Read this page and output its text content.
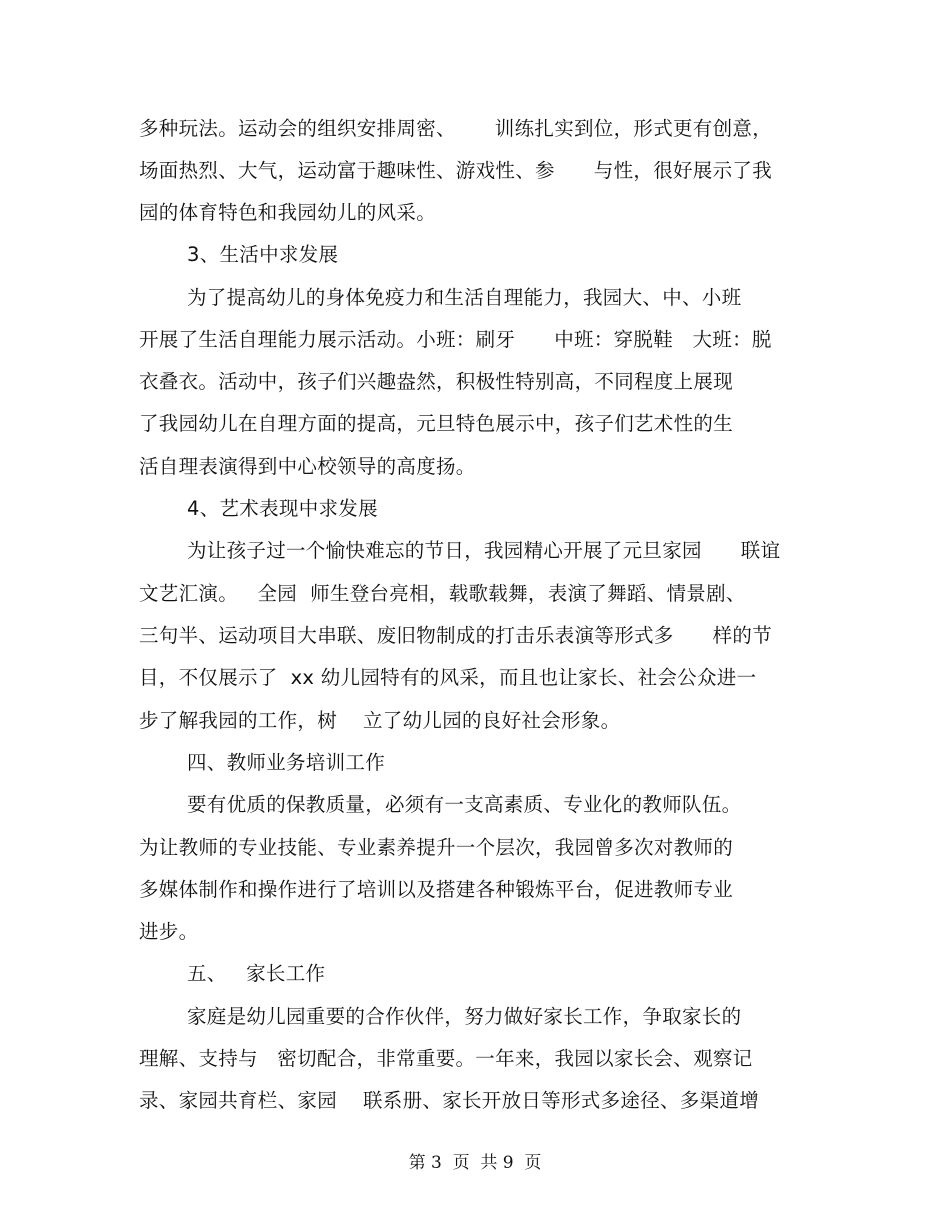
多种玩法。运动会的组织安排周密、      训练扎实到位，形式更有创意，
场面热烈、大气，运动富于趣味性、游戏性、参      与性，很好展示了我
园的体育特色和我园幼儿的风采。
3、生活中求发展
为了提高幼儿的身体免疫力和生活自理能力，我园大、中、小班
开展了生活自理能力展示活动。小班：刷牙      中班：穿脱鞋   大班：脱
衣叠衣。活动中，孩子们兴趣盎然，积极性特别高，不同程度上展现
了我园幼儿在自理方面的提高，元旦特色展示中，孩子们艺术性的生
活自理表演得到中心校领导的高度扬。
4、艺术表现中求发展
为让孩子过一个愉快难忘的节日，我园精心开展了元旦家园      联谊
文艺汇演。   全园  师生登台亮相，载歌载舞，表演了舞蹈、情景剧、
三句半、运动项目大串联、废旧物制成的打击乐表演等形式多      样的节
目，不仅展示了  xx 幼儿园特有的风采，而且也让家长、社会公众进一
步了解我园的工作，树    立了幼儿园的良好社会形象。
四、教师业务培训工作
要有优质的保教质量，必须有一支高素质、专业化的教师队伍。
为让教师的专业技能、专业素养提升一个层次，我园曾多次对教师的
多媒体制作和操作进行了培训以及搭建各种锻炼平台，促进教师专业
进步。
五、   家长工作
家庭是幼儿园重要的合作伙伴，努力做好家长工作，争取家长的
理解、支持与   密切配合，非常重要。一年来，我园以家长会、观察记
录、家园共育栏、家园    联系册、家长开放日等形式多途径、多渠道增
第 3  页  共 9  页
